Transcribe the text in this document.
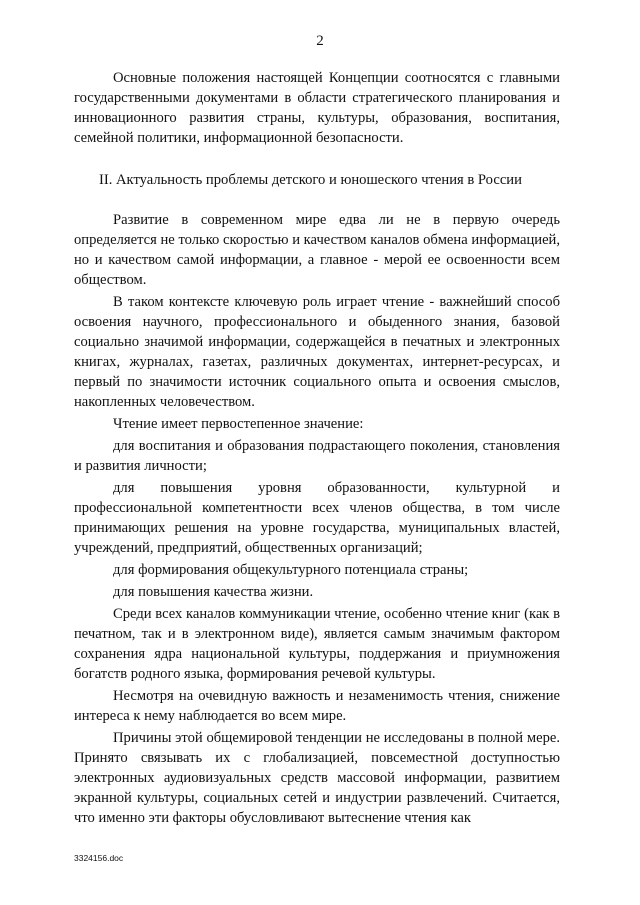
2

Основные положения настоящей Концепции соотносятся с главными государственными документами в области стратегического планирования и инновационного развития страны, культуры, образования, воспитания, семейной политики, информационной безопасности.

II. Актуальность проблемы детского и юношеского чтения в России

Развитие в современном мире едва ли не в первую очередь определяется не только скоростью и качеством каналов обмена информацией, но и качеством самой информации, а главное - мерой ее освоенности всем обществом.

В таком контексте ключевую роль играет чтение - важнейший способ освоения научного, профессионального и обыденного знания, базовой социально значимой информации, содержащейся в печатных и электронных книгах, журналах, газетах, различных документах, интернет-ресурсах, и первый по значимости источник социального опыта и освоения смыслов, накопленных человечеством.

Чтение имеет первостепенное значение:

для воспитания и образования подрастающего поколения, становления и развития личности;

для повышения уровня образованности, культурной и профессиональной компетентности всех членов общества, в том числе принимающих решения на уровне государства, муниципальных властей, учреждений, предприятий, общественных организаций;

для формирования общекультурного потенциала страны;

для повышения качества жизни.

Среди всех каналов коммуникации чтение, особенно чтение книг (как в печатном, так и в электронном виде), является самым значимым фактором сохранения ядра национальной культуры, поддержания и приумножения богатств родного языка, формирования речевой культуры.

Несмотря на очевидную важность и незаменимость чтения, снижение интереса к нему наблюдается во всем мире.

Причины этой общемировой тенденции не исследованы в полной мере. Принято связывать их с глобализацией, повсеместной доступностью электронных аудиовизуальных средств массовой информации, развитием экранной культуры, социальных сетей и индустрии развлечений. Считается, что именно эти факторы обусловливают вытеснение чтения как

3324156.doc
